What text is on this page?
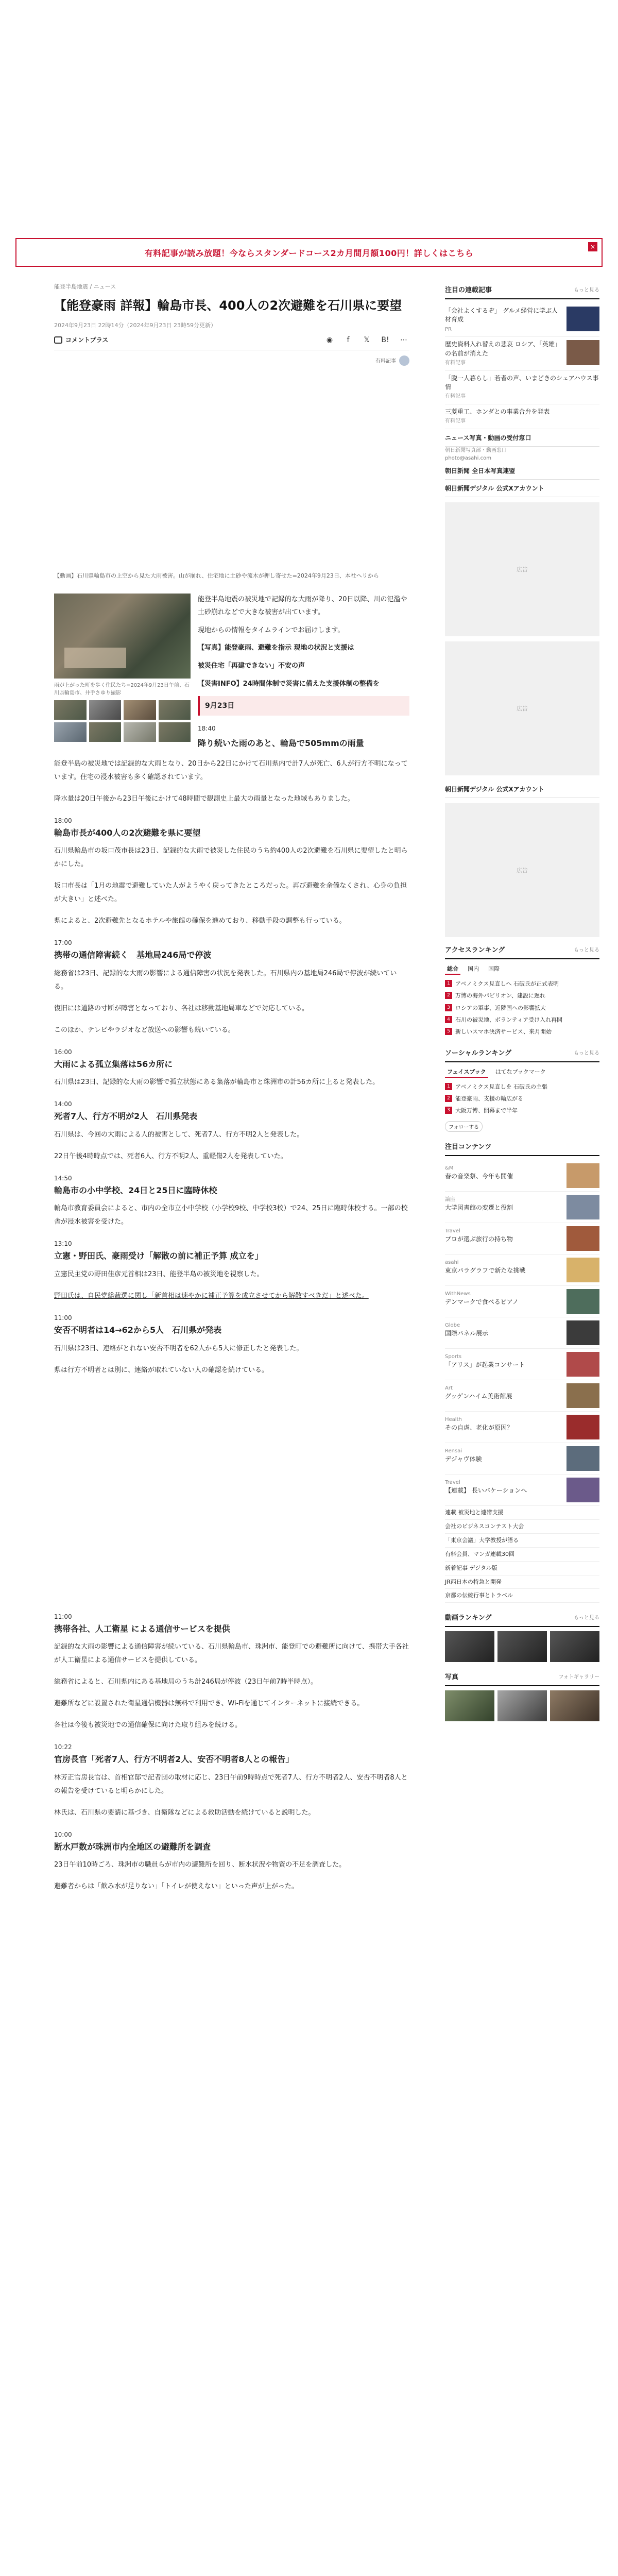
有料記事が読み放題！今ならスタンダードコース2カ月間月額100円！詳しくはこちら
×
能登半島地震 / ニュース
【能登豪雨 詳報】輪島市長、400人の2次避難を石川県に要望
2024年9月23日 22時14分（2024年9月23日 23時59分更新）
コメントプラス	◉	f	𝕏	B! ⋯
有料記事
【動画】石川県輪島市の上空から見た大雨被害。山が崩れ、住宅地に土砂や流木が押し寄せた=2024年9月23日、本社ヘリから
雨が上がった町を歩く住民たち=2024年9月23日午前、石川県輪島市、井手さゆり撮影

能登半島地震の被災地で記録的な大雨が降り、20日以降、川の氾濫や土砂崩れなどで大きな被害が出ています。

現地からの情報をタイムラインでお届けします。

【写真】能登豪雨、避難を指示 現地の状況と支援は

被災住宅「再建できない」不安の声

【災害INFO】24時間体制で災害に備えた支援体制の整備を

9月23日
18:40
降り続いた雨のあと、輪島で505mmの雨量

能登半島の被災地では記録的な大雨となり、20日から22日にかけて石川県内で計7人が死亡、6人が行方不明になっています。住宅の浸水被害も多く確認されています。

降水量は20日午後から23日午後にかけて48時間で観測史上最大の雨量となった地域もありました。

18:00
輪島市長が400人の2次避難を県に要望

石川県輪島市の坂口茂市長は23日、記録的な大雨で被災した住民のうち約400人の2次避難を石川県に要望したと明らかにした。

坂口市長は「1月の地震で避難していた人がようやく戻ってきたところだった。再び避難を余儀なくされ、心身の負担が大きい」と述べた。

県によると、2次避難先となるホテルや旅館の確保を進めており、移動手段の調整も行っている。

17:00
携帯の通信障害続く　基地局246局で停波

総務省は23日、記録的な大雨の影響による通信障害の状況を発表した。石川県内の基地局246局で停波が続いている。

復旧には道路の寸断が障害となっており、各社は移動基地局車などで対応している。

このほか、テレビやラジオなど放送への影響も続いている。

16:00
大雨による孤立集落は56カ所に

石川県は23日、記録的な大雨の影響で孤立状態にある集落が輪島市と珠洲市の計56カ所に上ると発表した。

14:00
死者7人、行方不明が2人　石川県発表

石川県は、今回の大雨による人的被害として、死者7人、行方不明2人と発表した。

22日午後4時時点では、死者6人、行方不明2人、重軽傷2人を発表していた。

14:50
輪島市の小中学校、24日と25日に臨時休校

輪島市教育委員会によると、市内の全市立小中学校（小学校9校、中学校3校）で24、25日に臨時休校する。一部の校舎が浸水被害を受けた。

13:10
立憲・野田氏、豪雨受け「解散の前に補正予算 成立を」

立憲民主党の野田佳彦元首相は23日、能登半島の被災地を視察した。

野田氏は、自民党総裁選に関し「新首相は速やかに補正予算を成立させてから解散すべきだ」と述べた。

11:00
安否不明者は14→62から5人　石川県が発表

石川県は23日、連絡がとれない安否不明者を62人から5人に修正したと発表した。

県は行方不明者とは別に、連絡が取れていない人の確認を続けている。

11:00
携帯各社、人工衛星 による通信サービスを提供

記録的な大雨の影響による通信障害が続いている、石川県輪島市、珠洲市、能登町での避難所に向けて、携帯大手各社が人工衛星による通信サービスを提供している。

総務省によると、石川県内にある基地局のうち計246局が停波（23日午前7時半時点）。

避難所などに設置された衛星通信機器は無料で利用でき、Wi-Fiを通じてインターネットに接続できる。

各社は今後も被災地での通信確保に向けた取り組みを続ける。

10:22
官房長官「死者7人、行方不明者2人、安否不明者8人との報告」

林芳正官房長官は、首相官邸で記者団の取材に応じ、23日午前9時時点で死者7人、行方不明者2人、安否不明者8人との報告を受けていると明らかにした。

林氏は、石川県の要請に基づき、自衛隊などによる救助活動を続けていると説明した。

10:00
断水戸数が珠洲市内全地区の避難所を調査

23日午前10時ごろ、珠洲市の職員らが市内の避難所を回り、断水状況や物資の不足を調査した。

避難者からは「飲み水が足りない」「トイレが使えない」といった声が上がった。

注目の連載記事	もっと見る
「会社よくするぞ」 グルメ経営に学ぶ人材育成
PR
歴史資料入れ替えの悲哀 ロシア、「英雄」の名前が消えた
有料記事
「脱一人暮らし」若者の声、いまどきのシェアハウス事情
有料記事
三菱重工、ホンダとの事業合弁を発表
有料記事
ニュース写真・動画の受付窓口
朝日新聞写真部・動画窓口
photo@asahi.com
朝日新聞 全日本写真連盟
朝日新聞デジタル 公式Xアカウント
広告
広告
朝日新聞デジタル 公式Xアカウント
広告
アクセスランキング	もっと見る
総合	国内	国際
1 アベノミクス見直しへ 石破氏が正式表明
2 万博の海外パビリオン、建設に遅れ
3 ロシアの軍事、近隣国への影響拡大
4 石川の被災地、ボランティア受け入れ再開
5 新しいスマホ決済サービス、来月開始
ソーシャルランキング	もっと見る
フェイスブック	はてなブックマーク
1 アベノミクス見直しを 石破氏の主張
2 能登豪雨、支援の輪広がる
3 大阪万博、開幕まで半年
フォローする
注目コンテンツ
&M
春の音楽祭、今年も開催
論座
大学図書館の変遷と役割
Travel
プロが選ぶ旅行の持ち物
asahi
東京パラグラフで新たな挑戦
WithNews
デンマークで食べるピアノ
Globe
国際パネル展示
Sports
「アリス」が起業コンサート
Art
グッゲンハイム美術館展
Health
その自虐、老化が原因？
Rensai
デジャヴ体験
Travel
【連載】 長いバケーションへ
連載 被災地と連帯支援
会社のビジネスコンテスト大会
「東京会議」大学教授が語る
有料会員、マンガ連載30回
新着記事 デジタル版
JR西日本の特急と開発
京都の伝統行事とトラベル
動画ランキング	もっと見る
写真	フォトギャラリー
